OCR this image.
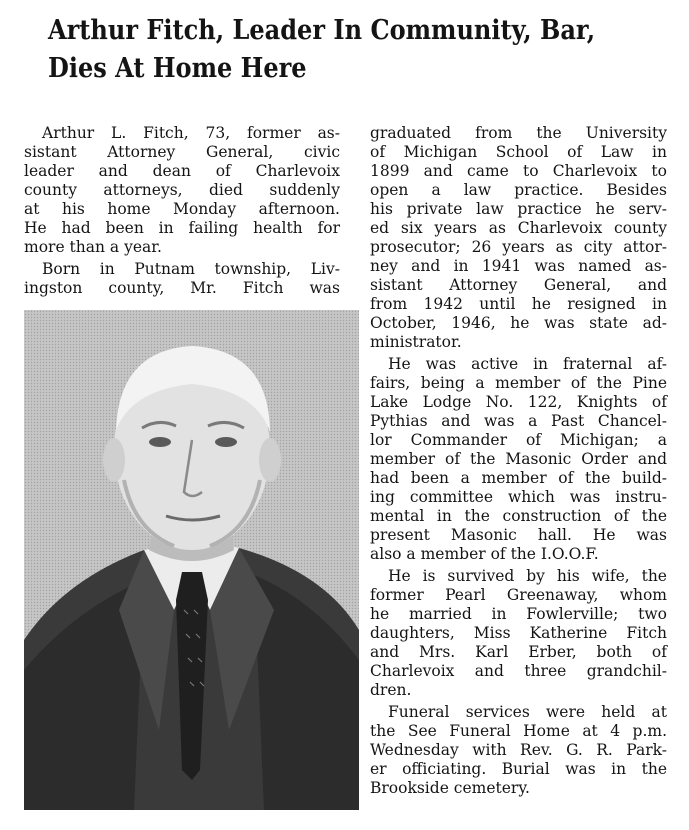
Arthur Fitch, Leader In Community, Bar,
Dies At Home Here

Arthur L. Fitch, 73, former as-
sistant Attorney General, civic
leader and dean of Charlevoix
county attorneys, died suddenly
at his home Monday afternoon.
He had been in failing health for
more than a year.

Born in Putnam township, Liv-
ingston county, Mr. Fitch was

graduated from the University
of Michigan School of Law in
1899 and came to Charlevoix to
open a law practice. Besides
his private law practice he serv-
ed six years as Charlevoix county
prosecutor; 26 years as city attor-
ney and in 1941 was named as-
sistant Attorney General, and
from 1942 until he resigned in
October, 1946, he was state ad-
ministrator.

He was active in fraternal af-
fairs, being a member of the Pine
Lake Lodge No. 122, Knights of
Pythias and was a Past Chancel-
lor Commander of Michigan; a
member of the Masonic Order and
had been a member of the build-
ing committee which was instru-
mental in the construction of the
present Masonic hall. He was
also a member of the I.O.O.F.

He is survived by his wife, the
former Pearl Greenaway, whom
he married in Fowlerville; two
daughters, Miss Katherine Fitch
and Mrs. Karl Erber, both of
Charlevoix and three grandchil-
dren.

Funeral services were held at
the See Funeral Home at 4 p.m.
Wednesday with Rev. G. R. Park-
er officiating. Burial was in the
Brookside cemetery.
